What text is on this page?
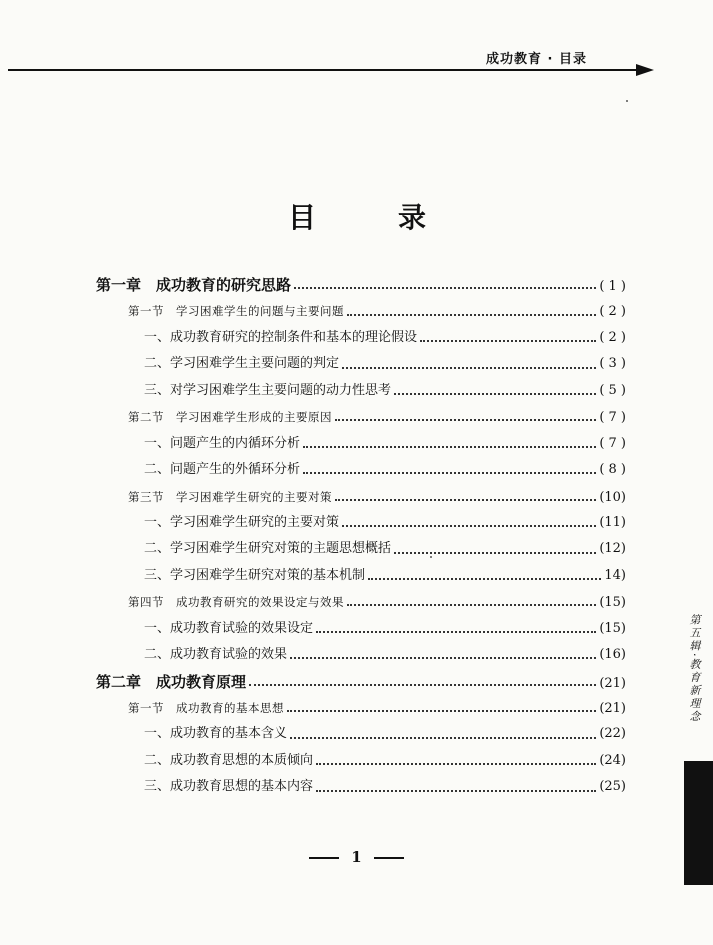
成功教育 · 目录
目	录
第一章　成功教育的研究思路	( 1 )
第一节　学习困难学生的问题与主要问题	( 2 )
一、成功教育研究的控制条件和基本的理论假设	( 2 )
二、学习困难学生主要问题的判定	( 3 )
三、对学习困难学生主要问题的动力性思考	( 5 )
第二节　学习困难学生形成的主要原因	( 7 )
一、问题产生的内循环分析	( 7 )
二、问题产生的外循环分析	( 8 )
第三节　学习困难学生研究的主要对策	(10)
一、学习困难学生研究的主要对策	(11)
二、学习困难学生研究对策的主题思想概括	(12)
三、学习困难学生研究对策的基本机制	14)
第四节　成功教育研究的效果设定与效果	(15)
一、成功教育试验的效果设定	(15)
二、成功教育试验的效果	(16)
第二章　成功教育原理	(21)
第一节　成功教育的基本思想	(21)
一、成功教育的基本含义	(22)
二、成功教育思想的本质倾向	(24)
三、成功教育思想的基本内容	(25)
1
第五辑·教育新理念
